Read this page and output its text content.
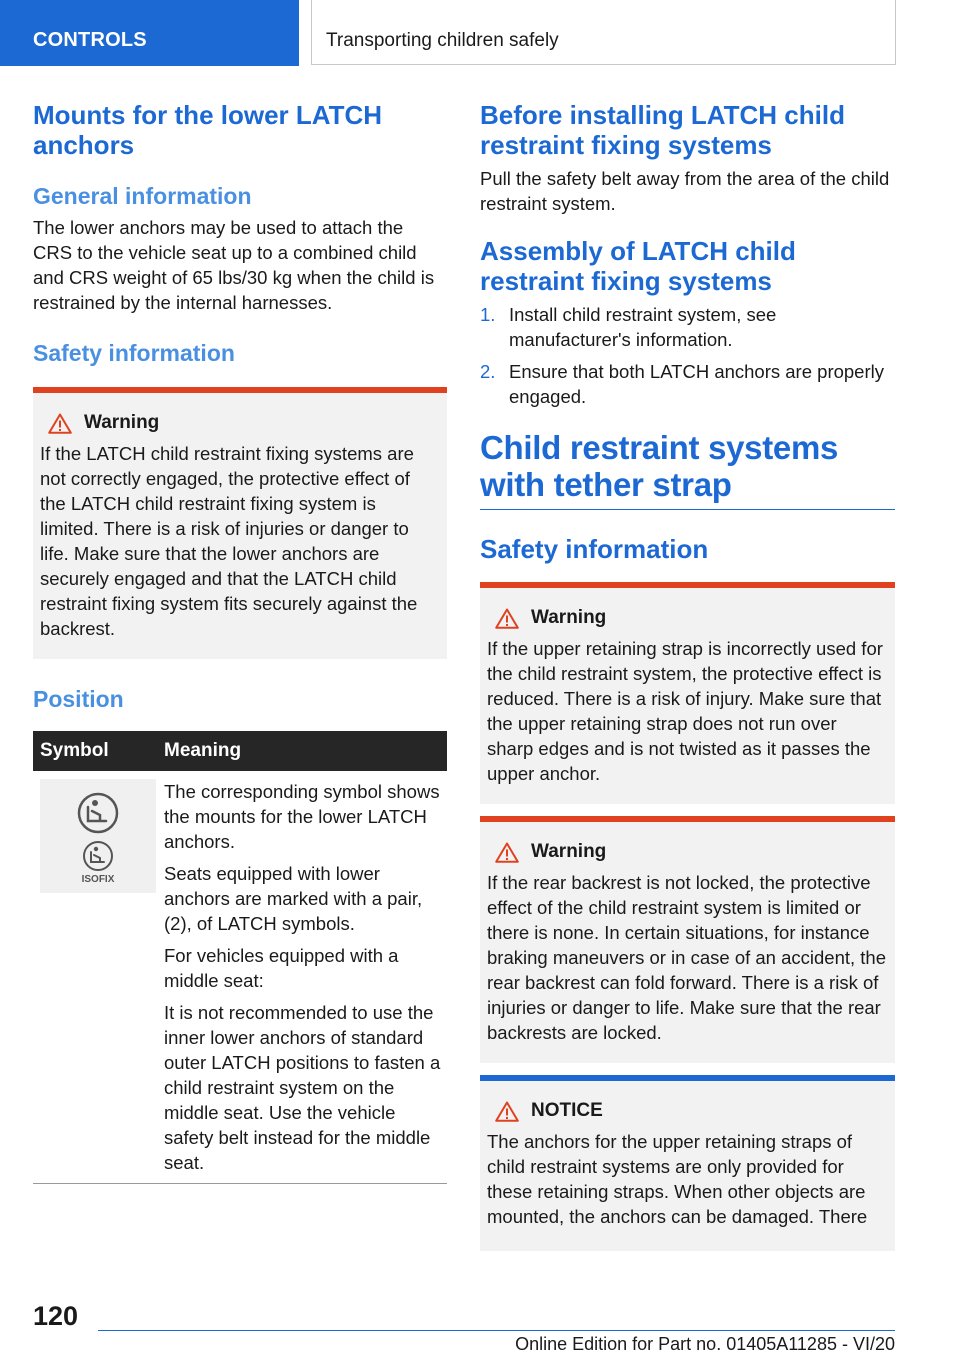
CONTROLS	Transporting children safely
Mounts for the lower LATCH anchors
General information

The lower anchors may be used to attach the CRS to the vehicle seat up to a combined child and CRS weight of 65 lbs/30 kg when the child is restrained by the internal harnesses.

Safety information
Warning

If the LATCH child restraint fixing systems are not correctly engaged, the protective effect of the LATCH child restraint fixing system is limited. There is a risk of injuries or danger to life. Make sure that the lower anchors are securely engaged and that the LATCH child restraint fixing system fits securely against the backrest.

Position
Symbol	Meaning

ISOFIX	The corresponding symbol shows the mounts for the lower LATCH anchors.

Seats equipped with lower anchors are marked with a pair, (2), of LATCH symbols.

For vehicles equipped with a middle seat:

It is not recommended to use the inner lower anchors of standard outer LATCH positions to fasten a child restraint system on the middle seat. Use the vehicle safety belt instead for the middle seat.

Before installing LATCH child restraint fixing systems

Pull the safety belt away from the area of the child restraint system.

Assembly of LATCH child restraint fixing systems
1. Install child restraint system, see manufacturer's information.
2. Ensure that both LATCH anchors are properly engaged.
Child restraint systems with tether strap
Safety information
Warning

If the upper retaining strap is incorrectly used for the child restraint system, the protective effect is reduced. There is a risk of injury. Make sure that the upper retaining strap does not run over sharp edges and is not twisted as it passes the upper anchor.

Warning

If the rear backrest is not locked, the protective effect of the child restraint system is limited or there is none. In certain situations, for instance braking maneuvers or in case of an accident, the rear backrest can fold forward. There is a risk of injuries or danger to life. Make sure that the rear backrests are locked.

NOTICE

The anchors for the upper retaining straps of child restraint systems are only provided for these retaining straps. When other objects are mounted, the anchors can be damaged. There

120
Online Edition for Part no. 01405A11285 - VI/20
